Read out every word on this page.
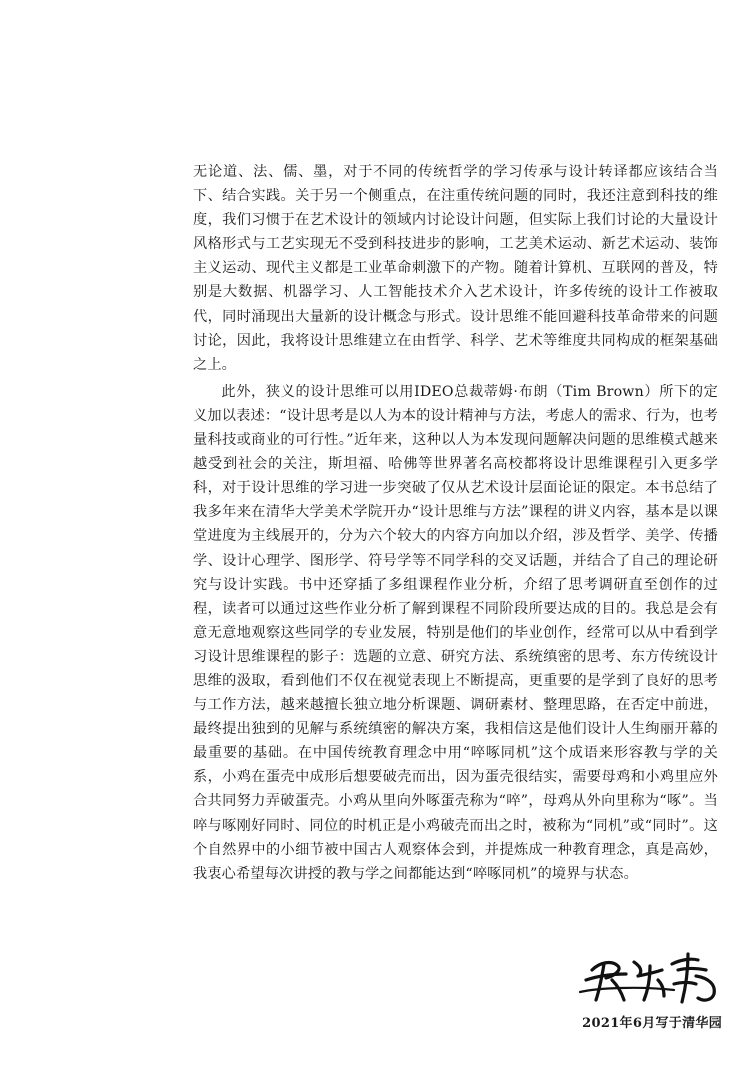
无论道、法、儒、墨，对于不同的传统哲学的学习传承与设计转译都应该结合当下、结合实践。关于另一个侧重点，在注重传统问题的同时，我还注意到科技的维度，我们习惯于在艺术设计的领域内讨论设计问题，但实际上我们讨论的大量设计风格形式与工艺实现无不受到科技进步的影响，工艺美术运动、新艺术运动、装饰主义运动、现代主义都是工业革命刺激下的产物。随着计算机、互联网的普及，特别是大数据、机器学习、人工智能技术介入艺术设计，许多传统的设计工作被取代，同时涌现出大量新的设计概念与形式。设计思维不能回避科技革命带来的问题讨论，因此，我将设计思维建立在由哲学、科学、艺术等维度共同构成的框架基础之上。

此外，狭义的设计思维可以用IDEO总裁蒂姆·布朗（Tim Brown）所下的定义加以表述：“设计思考是以人为本的设计精神与方法，考虑人的需求、行为，也考量科技或商业的可行性。”近年来，这种以人为本发现问题解决问题的思维模式越来越受到社会的关注，斯坦福、哈佛等世界著名高校都将设计思维课程引入更多学科，对于设计思维的学习进一步突破了仅从艺术设计层面论证的限定。本书总结了我多年来在清华大学美术学院开办“设计思维与方法”课程的讲义内容，基本是以课堂进度为主线展开的，分为六个较大的内容方向加以介绍，涉及哲学、美学、传播学、设计心理学、图形学、符号学等不同学科的交叉话题，并结合了自己的理论研究与设计实践。书中还穿插了多组课程作业分析，介绍了思考调研直至创作的过程，读者可以通过这些作业分析了解到课程不同阶段所要达成的目的。我总是会有意无意地观察这些同学的专业发展，特别是他们的毕业创作，经常可以从中看到学习设计思维课程的影子：选题的立意、研究方法、系统缜密的思考、东方传统设计思维的汲取，看到他们不仅在视觉表现上不断提高，更重要的是学到了良好的思考与工作方法，越来越擅长独立地分析课题、调研素材、整理思路，在否定中前进，最终提出独到的见解与系统缜密的解决方案，我相信这是他们设计人生绚丽开幕的最重要的基础。在中国传统教育理念中用“啐啄同机”这个成语来形容教与学的关系，小鸡在蛋壳中成形后想要破壳而出，因为蛋壳很结实，需要母鸡和小鸡里应外合共同努力弄破蛋壳。小鸡从里向外啄蛋壳称为“啐”，母鸡从外向里称为“啄”。当啐与啄刚好同时、同位的时机正是小鸡破壳而出之时，被称为“同机”或“同时”。这个自然界中的小细节被中国古人观察体会到，并提炼成一种教育理念，真是高妙，我衷心希望每次讲授的教与学之间都能达到“啐啄同机”的境界与状态。

2021年6月写于清华园
